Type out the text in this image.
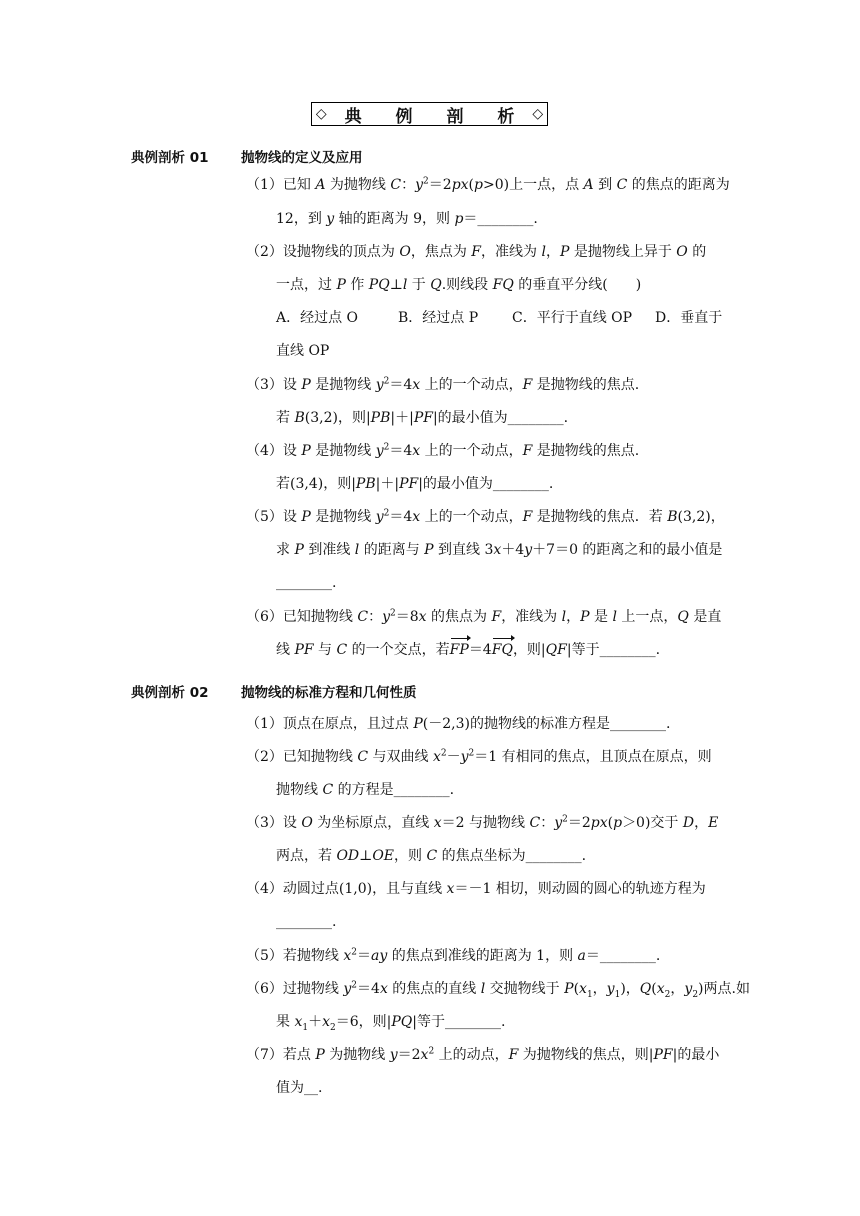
◇ 典 例 剖 析 ◇
典例剖析 01 抛物线的定义及应用
（1）已知 A 为抛物线 C：$y^2=2px(p>0)$上一点，点 A 到 C 的焦点的距离为
12，到 y 轴的距离为 9，则 p＝________.
（2）设抛物线的顶点为 O，焦点为 F，准线为 l，P 是抛物线上异于 O 的
一点，过 P 作 PQ⊥l 于 Q.则线段 FQ 的垂直平分线(　　)
A．经过点 O	B．经过点 P C．平行于直线 OP D．垂直于
直线 OP
（3）设 P 是抛物线 $y^2=4x$ 上的一个动点，F 是抛物线的焦点.
若 B(3,2)，则|PB|＋|PF|的最小值为________.
（4）设 P 是抛物线 $y^2=4x$ 上的一个动点，F 是抛物线的焦点.
若(3,4)，则|PB|＋|PF|的最小值为________.
（5）设 P 是抛物线 $y^2=4x$ 上的一个动点，F 是抛物线的焦点．若 B(3,2)，
求 P 到准线 l 的距离与 P 到直线 3x＋4y＋7＝0 的距离之和的最小值是
________.
（6）已知抛物线 C：$y^2=8x$ 的焦点为 F，准线为 l，P 是 l 上一点，Q 是直
线 PF 与 C 的一个交点，若FP＝4FQ，则|QF|等于________.
典例剖析 02 抛物线的标准方程和几何性质
（1）顶点在原点，且过点 P(－2,3)的抛物线的标准方程是________.
（2）已知抛物线 C 与双曲线 $x^2-y^2=1$ 有相同的焦点，且顶点在原点，则
抛物线 C 的方程是________.
（3）设 O 为坐标原点，直线 x＝2 与抛物线 C：$y^2=2px(p>0)$交于 D，E
两点，若 OD⊥OE，则 C 的焦点坐标为________.
（4）动圆过点(1,0)，且与直线 x＝－1 相切，则动圆的圆心的轨迹方程为
________.
（5）若抛物线 $x^2=ay$ 的焦点到准线的距离为 1，则 a＝________.
（6）过抛物线 $y^2=4x$ 的焦点的直线 l 交抛物线于 $P(x_1$，$y_1$)，$Q(x_2$，$y_2$)两点.如
果 $x_1+x_2=6$，则|PQ|等于________.
（7）若点 P 为抛物线 $y=2x^2$ 上的动点，F 为抛物线的焦点，则|PF|的最小
值为__.
